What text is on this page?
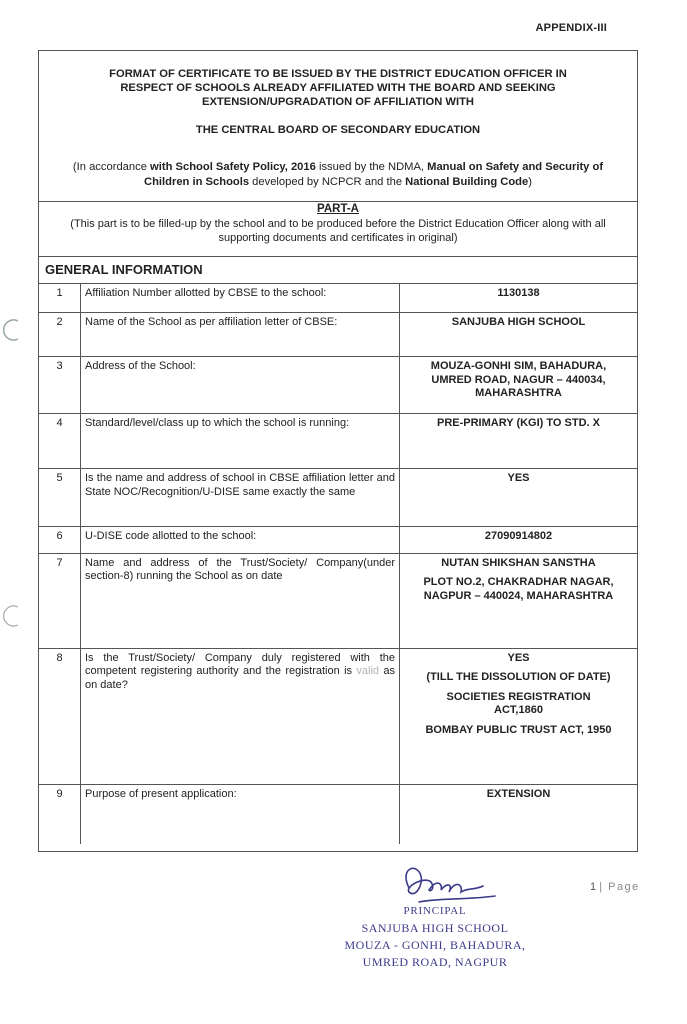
APPENDIX-III
FORMAT OF CERTIFICATE TO BE ISSUED BY THE DISTRICT EDUCATION OFFICER IN
RESPECT OF SCHOOLS ALREADY AFFILIATED WITH THE BOARD AND SEEKING
EXTENSION/UPGRADATION OF AFFILIATION WITH
THE CENTRAL BOARD OF SECONDARY EDUCATION
(In accordance with School Safety Policy, 2016 issued by the NDMA, Manual on Safety and Security of Children in Schools developed by NCPCR and the National Building Code)
PART-A
(This part is to be filled-up by the school and to be produced before the District Education Officer along with all supporting documents and certificates in original)
GENERAL INFORMATION
1	Affiliation Number allotted by CBSE to the school:	1130138

2	Name of the School as per affiliation letter of CBSE:	SANJUBA HIGH SCHOOL

3	Address of the School:	MOUZA-GONHI SIM, BAHADURA, UMRED ROAD, NAGUR – 440034, MAHARASHTRA

4	Standard/level/class up to which the school is running:	PRE-PRIMARY (KGI) TO STD. X

5	Is the name and address of school in CBSE affiliation letter and State NOC/Recognition/U-DISE same exactly the same	YES

6	U-DISE code allotted to the school:	27090914802

7	Name and address of the Trust/Society/ Company(under section-8) running the School as on date	NUTAN SHIKSHAN SANSTHA

PLOT NO.2, CHAKRADHAR NAGAR, NAGPUR – 440024, MAHARASHTRA

8	Is the Trust/Society/ Company duly registered with the competent registering authority and the registration is valid as on date?	YES

(TILL THE DISSOLUTION OF DATE)

SOCIETIES REGISTRATION ACT,1860

BOMBAY PUBLIC TRUST ACT, 1950

9	Purpose of present application:	EXTENSION

1 | Page
PRINCIPAL
SANJUBA HIGH SCHOOL
MOUZA - GONHI, BAHADURA,
UMRED ROAD, NAGPUR
